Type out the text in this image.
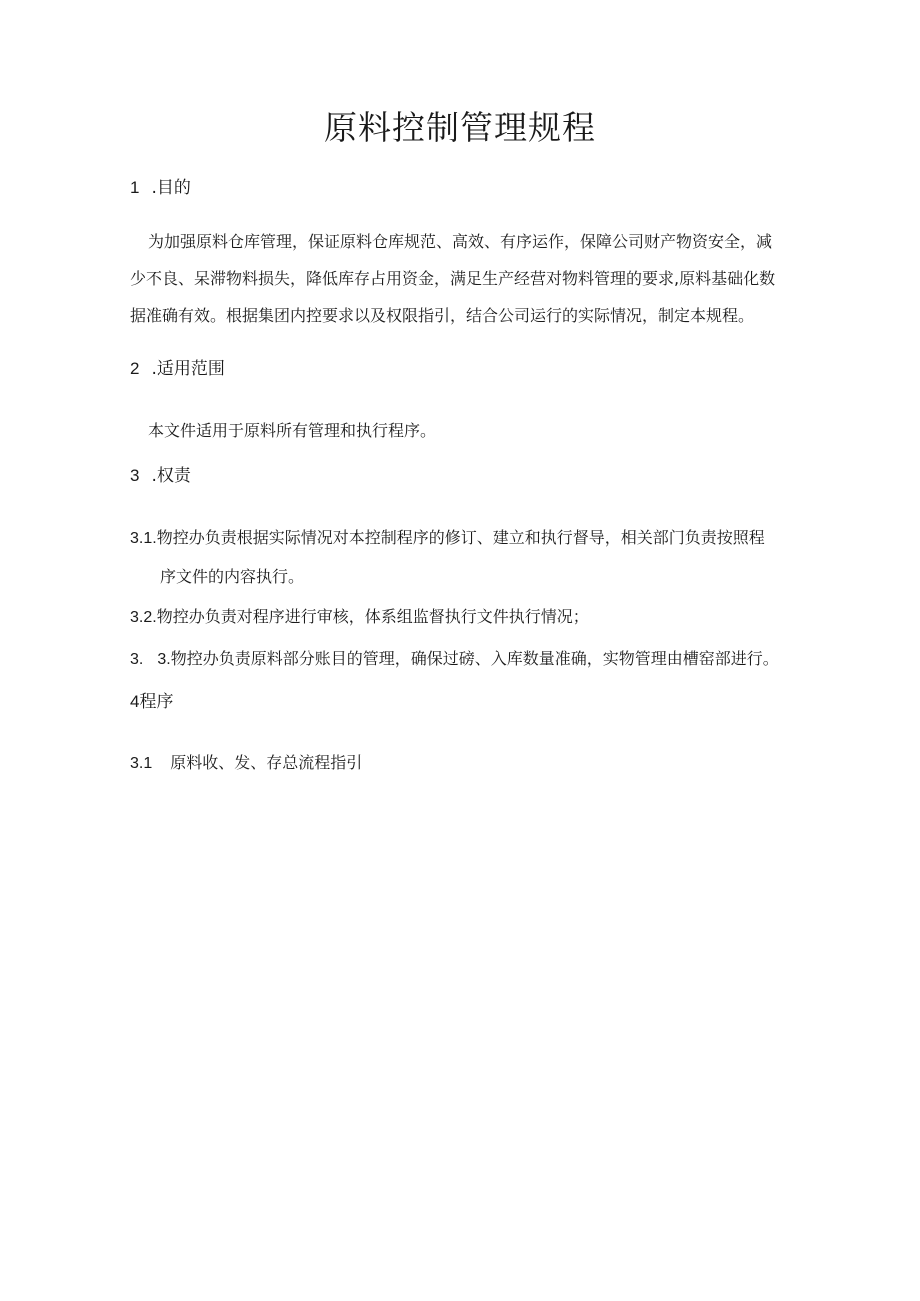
原料控制管理规程
1 .目的
为加强原料仓库管理，保证原料仓库规范、高效、有序运作，保障公司财产物资安全，减
少不良、呆滞物料损失，降低库存占用资金，满足生产经营对物料管理的要求,原料基础化数
据准确有效。根据集团内控要求以及权限指引，结合公司运行的实际情况，制定本规程。
2 .适用范围
本文件适用于原料所有管理和执行程序。
3 .权责
3.1.物控办负责根据实际情况对本控制程序的修订、建立和执行督导，相关部门负责按照程
序文件的内容执行。
3.2.物控办负责对程序进行审核，体系组监督执行文件执行情况；
3. 3.物控办负责原料部分账目的管理，确保过磅、入库数量准确，实物管理由槽窑部进行。
4程序
3.1 原料收、发、存总流程指引
